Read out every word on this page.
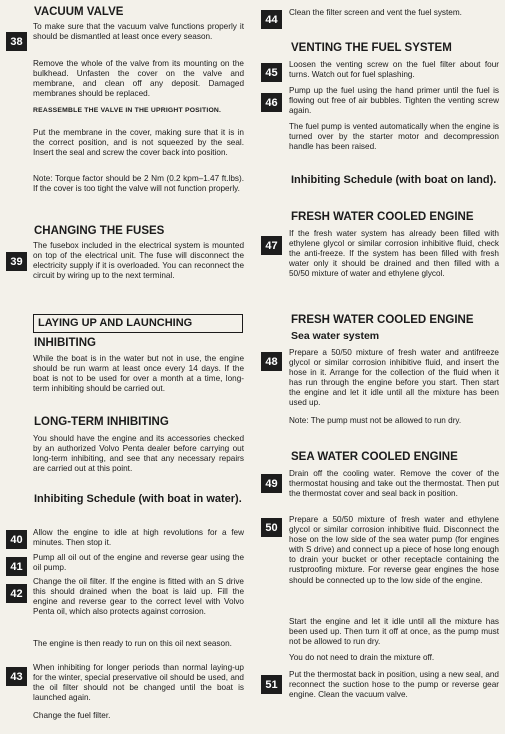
VACUUM VALVE
38
To make sure that the vacuum valve functions properly it should be dismantled at least once every season.
Remove the whole of the valve from its mounting on the bulkhead. Unfasten the cover on the valve and membrane, and clean off any deposit. Damaged membranes should be replaced.
REASSEMBLE THE VALVE IN THE UPRIGHT POSITION.
Put the membrane in the cover, making sure that it is in the correct position, and is not squeezed by the seal. Insert the seal and screw the cover back into position.
Note: Torque factor should be 2 Nm (0.2 kpm–1.47 ft.lbs). If the cover is too tight the valve will not function properly.
CHANGING THE FUSES
39
The fusebox included in the electrical system is mounted on top of the electrical unit. The fuse will disconnect the electricity supply if it is overloaded. You can reconnect the circuit by wiring up to the next terminal.
LAYING UP AND LAUNCHING
INHIBITING
While the boat is in the water but not in use, the engine should be run warm at least once every 14 days. If the boat is not to be used for over a month at a time, long-term inhibiting should be carried out.
LONG-TERM INHIBITING
You should have the engine and its accessories checked by an authorized Volvo Penta dealer before carrying out long-term inhibiting, and see that any necessary repairs are carried out at this point.
Inhibiting Schedule (with boat in water).
40
Allow the engine to idle at high revolutions for a few minutes. Then stop it.
41
Pump all oil out of the engine and reverse gear using the oil pump.
42
Change the oil filter. If the engine is fitted with an S drive this should drained when the boat is laid up. Fill the engine and reverse gear to the correct level with Volvo Penta oil, which also protects against corrosion.
The engine is then ready to run on this oil next season.
43
When inhibiting for longer periods than normal laying-up for the winter, special preservative oil should be used, and the oil filter should not be changed until the boat is launched again.
Change the fuel filter.
44
Clean the filter screen and vent the fuel system.
VENTING THE FUEL SYSTEM
45
Loosen the venting screw on the fuel filter about four turns. Watch out for fuel splashing.
46
Pump up the fuel using the hand primer until the fuel is flowing out free of air bubbles. Tighten the venting screw again.
The fuel pump is vented automatically when the engine is turned over by the starter motor and decompression handle has been raised.
Inhibiting Schedule (with boat on land).
FRESH WATER COOLED ENGINE
47
If the fresh water system has already been filled with ethylene glycol or similar corrosion inhibitive fluid, check the anti-freeze. If the system has been filled with fresh water only it should be drained and then filled with a 50/50 mixture of water and ethylene glycol.
FRESH WATER COOLED ENGINE
Sea water system
48
Prepare a 50/50 mixture of fresh water and antifreeze glycol or similar corrosion inhibitive fluid, and insert the hose in it. Arrange for the collection of the fluid when it has run through the engine before you start. Then start the engine and let it idle until all the mixture has been used up.
Note: The pump must not be allowed to run dry.
SEA WATER COOLED ENGINE
49
Drain off the cooling water. Remove the cover of the thermostat housing and take out the thermostat. Then put the thermostat cover and seal back in position.
50
Prepare a 50/50 mixture of fresh water and ethylene glycol or similar corrosion inhibitive fluid. Disconnect the hose on the low side of the sea water pump (for engines with S drive) and connect up a piece of hose long enough to drain your bucket or other receptacle containing the rustproofing mixture. For reverse gear engines the hose should be connected up to the low side of the engine.
Start the engine and let it idle until all the mixture has been used up. Then turn it off at once, as the pump must not be allowed to run dry.
You do not need to drain the mixture off.
51
Put the thermostat back in position, using a new seal, and reconnect the suction hose to the pump or reverse gear engine. Clean the vacuum valve.
